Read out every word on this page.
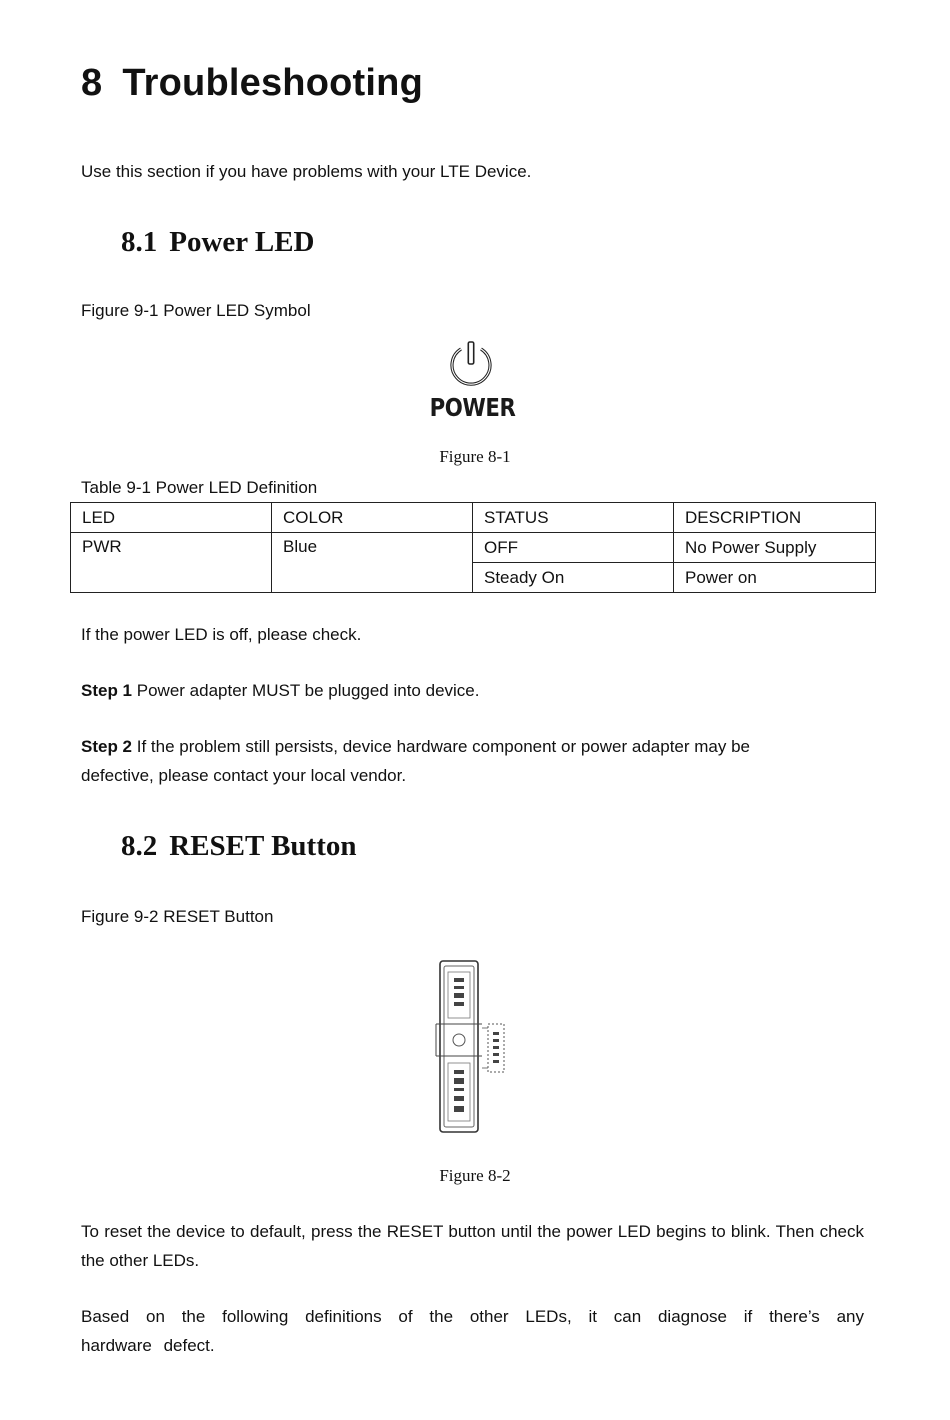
8 Troubleshooting
Use this section if you have problems with your LTE Device.
8.1 Power LED
Figure 9-1 Power LED Symbol
POWER
Figure 8-1
Table 9-1 Power LED Definition
LED	COLOR	STATUS	DESCRIPTION
PWR	Blue	OFF	No Power Supply
		Steady On	Power on
If the power LED is off, please check.
Step 1 Power adapter MUST be plugged into device.
Step 2 If the problem still persists, device hardware component or power adapter may be defective, please contact your local vendor.
8.2 RESET Button
Figure 9-2 RESET Button
Figure 8-2
To reset the device to default, press the RESET button until the power LED begins to blink. Then check the other LEDs.
Based on the following definitions of the other LEDs, it can diagnose if there’s any hardware defect.
